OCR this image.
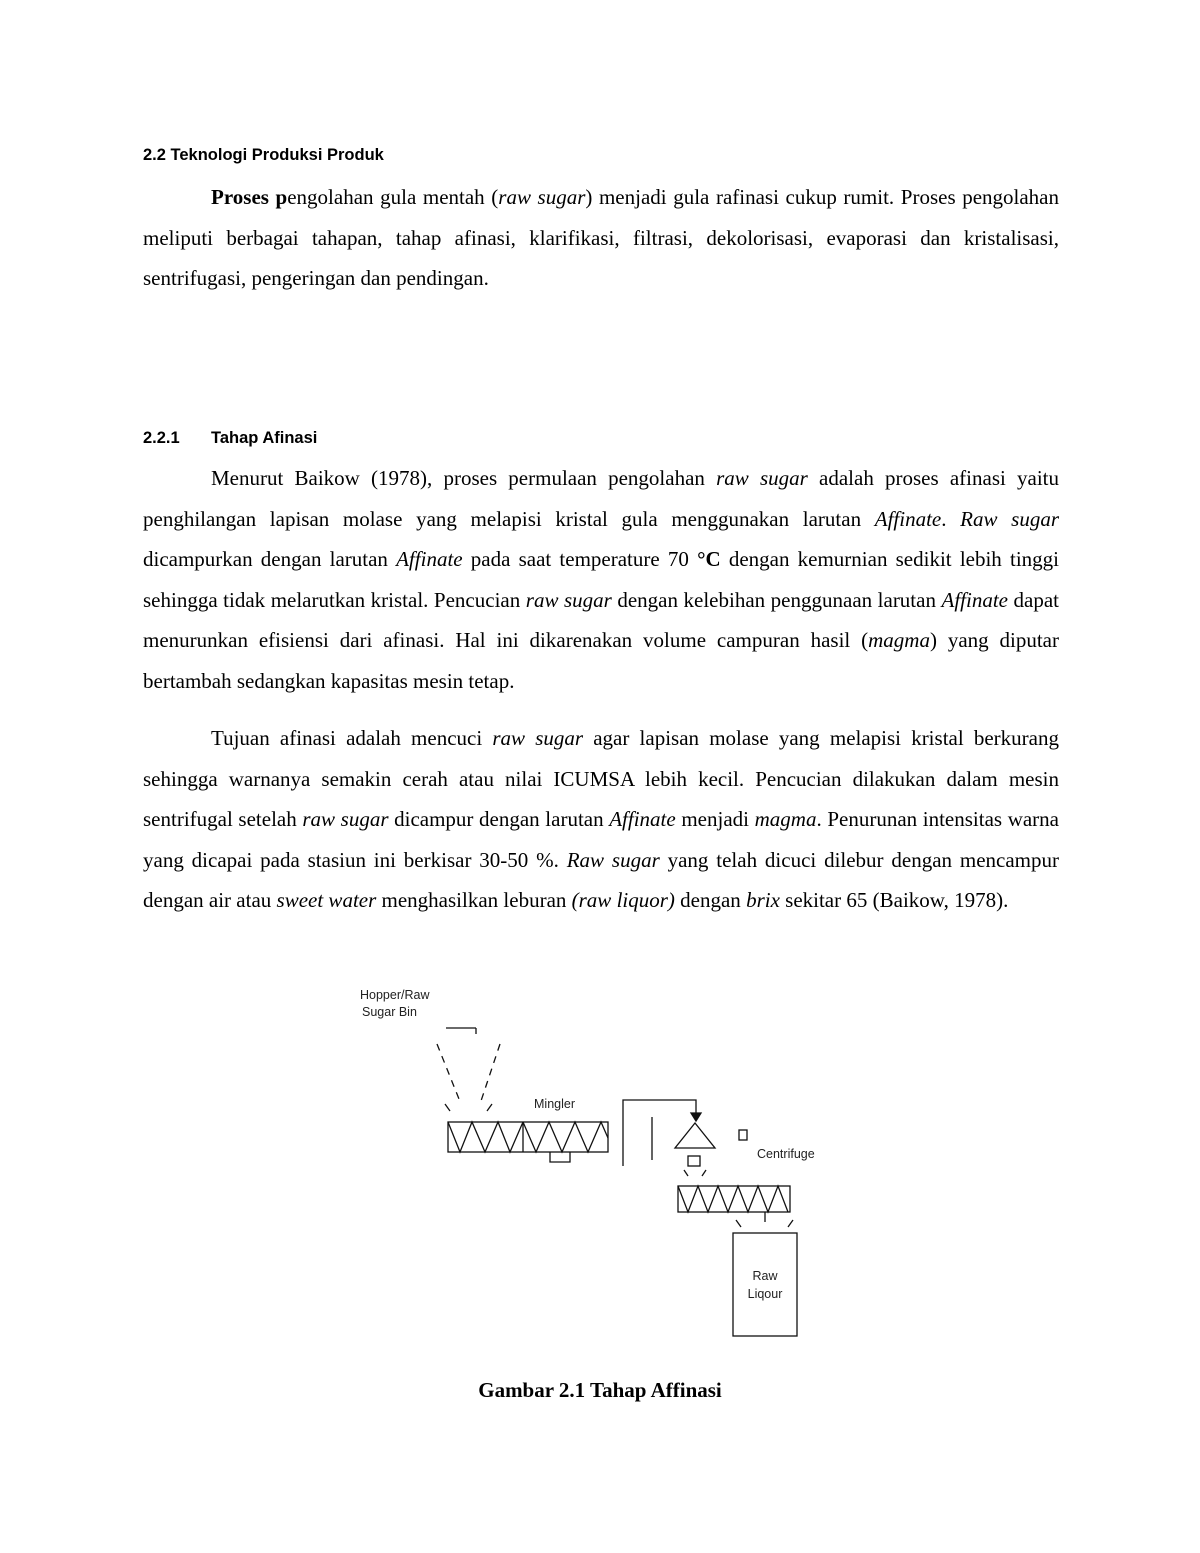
2.2 Teknologi Produksi Produk
Proses pengolahan gula mentah (raw sugar) menjadi gula rafinasi cukup rumit. Proses pengolahan meliputi berbagai tahapan, tahap afinasi, klarifikasi, filtrasi, dekolorisasi, evaporasi dan kristalisasi, sentrifugasi, pengeringan dan pendingan.
2.2.1 Tahap Afinasi
Menurut Baikow (1978), proses permulaan pengolahan raw sugar adalah proses afinasi yaitu penghilangan lapisan molase yang melapisi kristal gula menggunakan larutan Affinate. Raw sugar dicampurkan dengan larutan Affinate pada saat temperature 70 °C dengan kemurnian sedikit lebih tinggi sehingga tidak melarutkan kristal. Pencucian raw sugar dengan kelebihan penggunaan larutan Affinate dapat menurunkan efisiensi dari afinasi. Hal ini dikarenakan volume campuran hasil (magma) yang diputar bertambah sedangkan kapasitas mesin tetap.
Tujuan afinasi adalah mencuci raw sugar agar lapisan molase yang melapisi kristal berkurang sehingga warnanya semakin cerah atau nilai ICUMSA lebih kecil. Pencucian dilakukan dalam mesin sentrifugal setelah raw sugar dicampur dengan larutan Affinate menjadi magma. Penurunan intensitas warna yang dicapai pada stasiun ini berkisar 30-50 %. Raw sugar yang telah dicuci dilebur dengan mencampur dengan air atau sweet water menghasilkan leburan (raw liquor) dengan brix sekitar 65 (Baikow, 1978).
Hopper/Raw
Sugar Bin
Mingler
Centrifuge
Raw
Liqour
Gambar 2.1 Tahap Affinasi
